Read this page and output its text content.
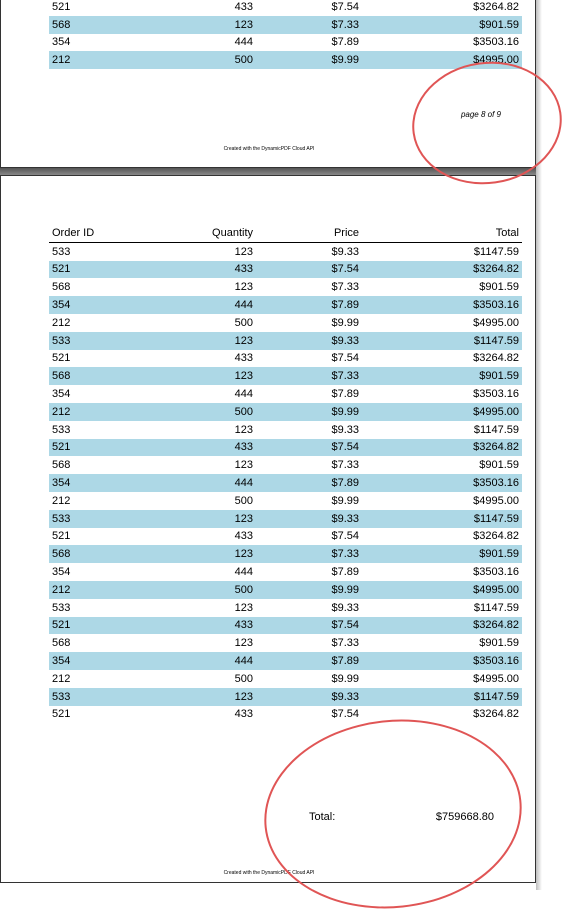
521	433	$7.54	$3264.82
568	123	$7.33	$901.59
354	444	$7.89	$3503.16
212	500	$9.99	$4995.00
page 8 of 9
Created with the DynamicPDF Cloud API
Order ID	Quantity	Price	Total
533	123	$9.33	$1147.59
521	433	$7.54	$3264.82
568	123	$7.33	$901.59
354	444	$7.89	$3503.16
212	500	$9.99	$4995.00
533	123	$9.33	$1147.59
521	433	$7.54	$3264.82
568	123	$7.33	$901.59
354	444	$7.89	$3503.16
212	500	$9.99	$4995.00
533	123	$9.33	$1147.59
521	433	$7.54	$3264.82
568	123	$7.33	$901.59
354	444	$7.89	$3503.16
212	500	$9.99	$4995.00
533	123	$9.33	$1147.59
521	433	$7.54	$3264.82
568	123	$7.33	$901.59
354	444	$7.89	$3503.16
212	500	$9.99	$4995.00
533	123	$9.33	$1147.59
521	433	$7.54	$3264.82
568	123	$7.33	$901.59
354	444	$7.89	$3503.16
212	500	$9.99	$4995.00
533	123	$9.33	$1147.59
521	433	$7.54	$3264.82
Total:	$759668.80
Created with the DynamicPDF Cloud API
